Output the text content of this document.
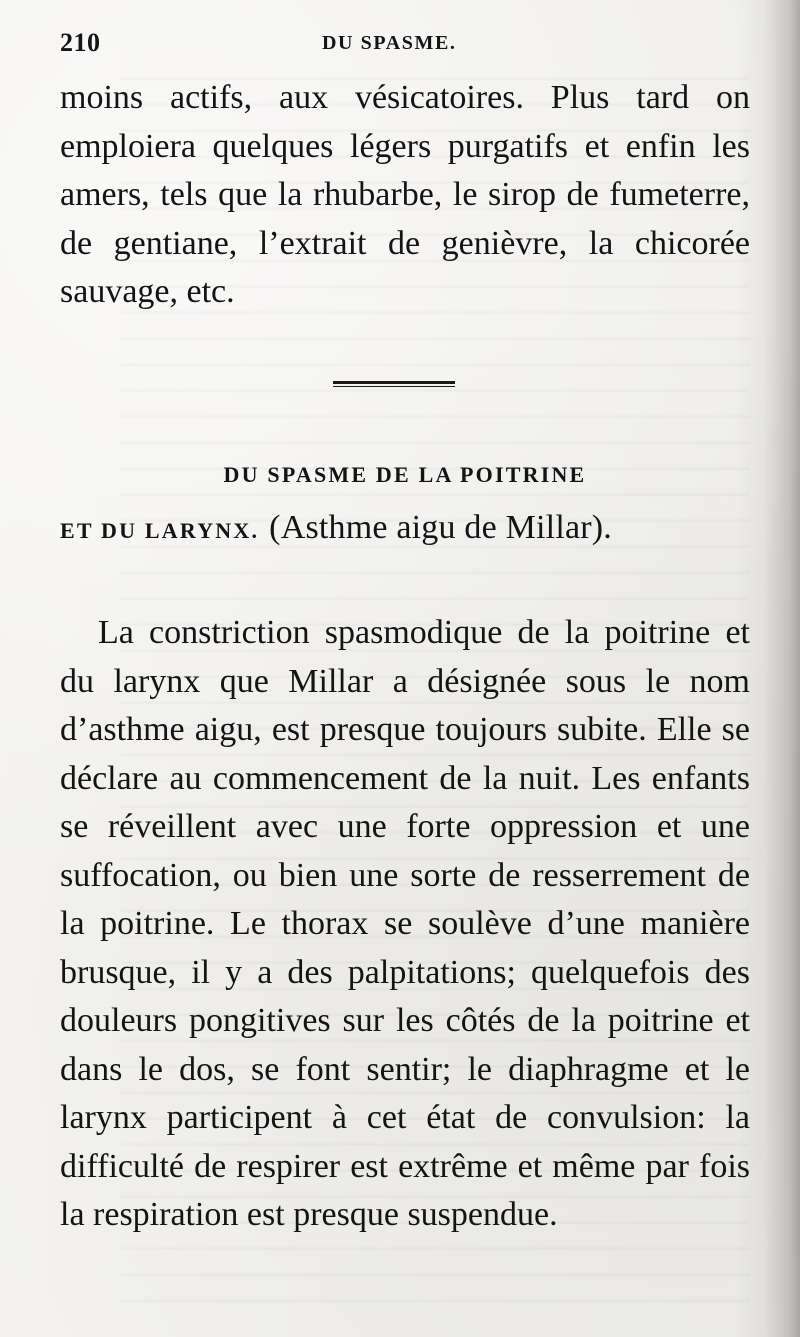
210	DU SPASME.
moins actifs, aux vésicatoires. Plus tard on emploiera quelques légers purgatifs et enfin les amers, tels que la rhubarbe, le sirop de fumeterre, de gentiane, l’extrait de genièvre, la chicorée sauvage, etc.
DU SPASME DE LA POITRINE
ET DU LARYNX. (Asthme aigu de Millar).
La constriction spasmodique de la poitrine et du larynx que Millar a désignée sous le nom d’asthme aigu, est presque toujours subite. Elle se déclare au commencement de la nuit. Les enfants se réveillent avec une forte oppression et une suffocation, ou bien une sorte de resserrement de la poitrine. Le thorax se soulève d’une manière brusque, il y a des palpitations; quelquefois des douleurs pongitives sur les côtés de la poitrine et dans le dos, se font sentir; le diaphragme et le larynx participent à cet état de convulsion: la difficulté de respirer est extrême et même par fois la respiration est presque suspendue.
